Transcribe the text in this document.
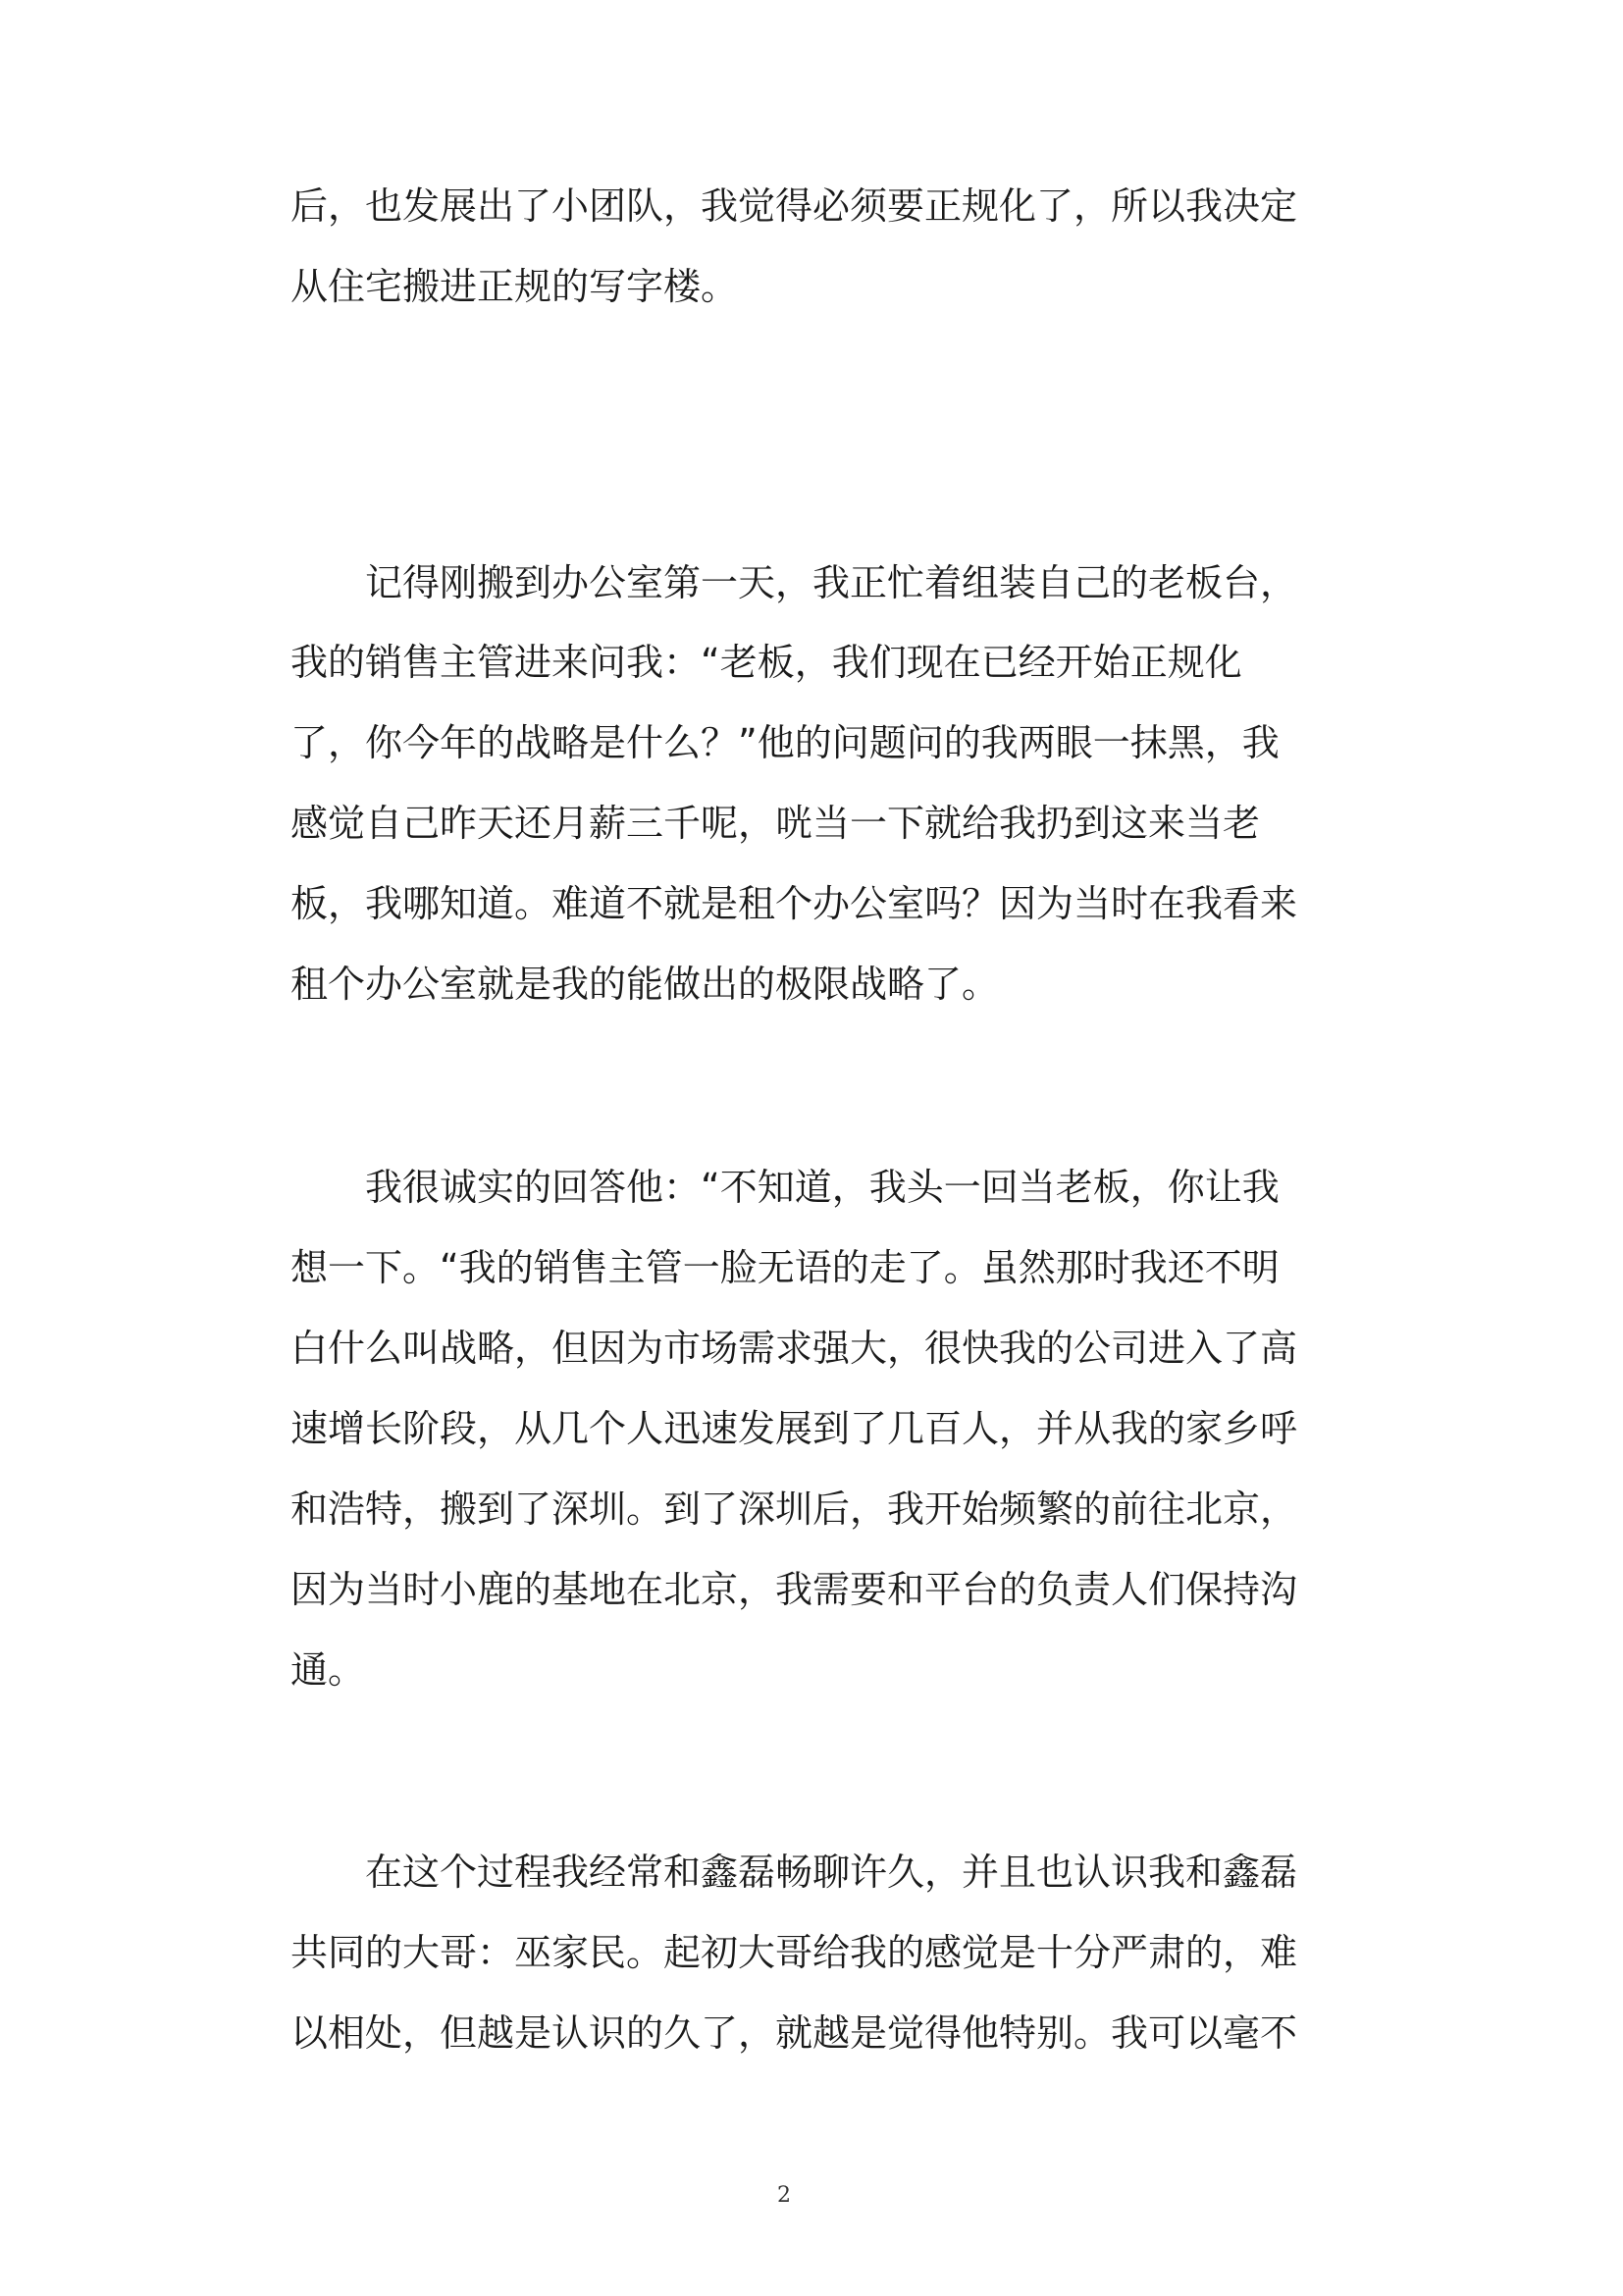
后，也发展出了小团队，我觉得必须要正规化了，所以我决定
从住宅搬进正规的写字楼。
记得刚搬到办公室第一天，我正忙着组装自己的老板台，
我的销售主管进来问我：“老板，我们现在已经开始正规化
了，你今年的战略是什么？”他的问题问的我两眼一抹黑，我
感觉自己昨天还月薪三千呢，咣当一下就给我扔到这来当老
板，我哪知道。难道不就是租个办公室吗？因为当时在我看来
租个办公室就是我的能做出的极限战略了。
我很诚实的回答他：“不知道，我头一回当老板，你让我
想一下。“我的销售主管一脸无语的走了。虽然那时我还不明
白什么叫战略，但因为市场需求强大，很快我的公司进入了高
速增长阶段，从几个人迅速发展到了几百人，并从我的家乡呼
和浩特，搬到了深圳。到了深圳后，我开始频繁的前往北京，
因为当时小鹿的基地在北京，我需要和平台的负责人们保持沟
通。
在这个过程我经常和鑫磊畅聊许久，并且也认识我和鑫磊
共同的大哥：巫家民。起初大哥给我的感觉是十分严肃的，难
以相处，但越是认识的久了，就越是觉得他特别。我可以毫不
2
